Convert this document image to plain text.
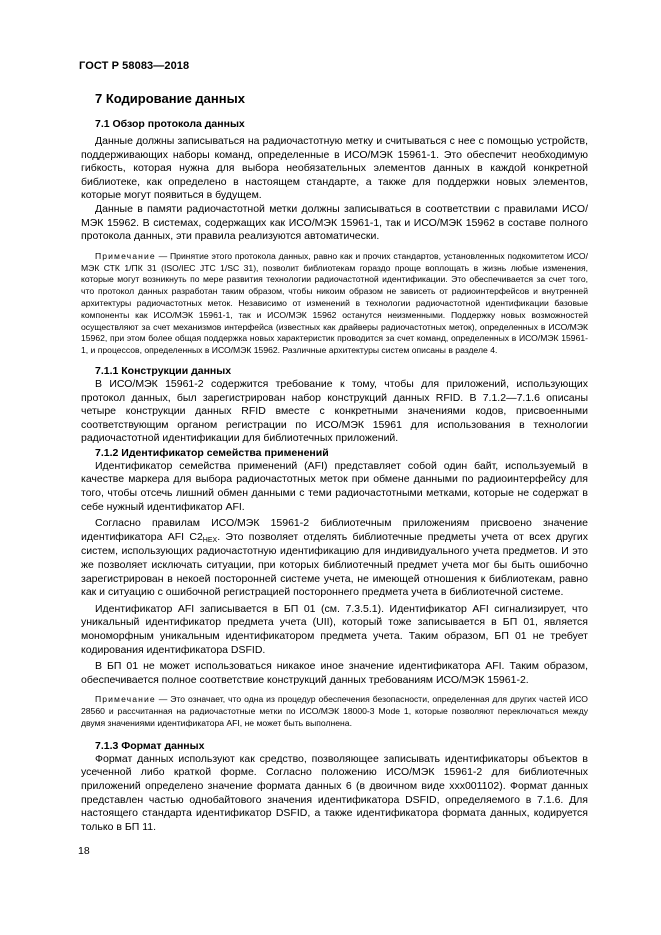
ГОСТ Р 58083—2018
7 Кодирование данных
7.1 Обзор протокола данных

Данные должны записываться на радиочастотную метку и считываться с нее с помощью устройств, поддерживающих наборы команд, определенные в ИСО/МЭК 15961-1. Это обеспечит необходимую гибкость, которая нужна для выбора необязательных элементов данных в каждой конкретной библиотеке, как определено в настоящем стандарте, а также для поддержки новых элементов, которые могут появиться в будущем.

Данные в памяти радиочастотной метки должны записываться в соответствии с правилами ИСО/МЭК 15962. В системах, содержащих как ИСО/МЭК 15961-1, так и ИСО/МЭК 15962 в составе полного протокола данных, эти правила реализуются автоматически.

Примечание — Принятие этого протокола данных, равно как и прочих стандартов, установленных подкомитетом ИСО/МЭК СТК 1/ПК 31 (ISO/IEC JTC 1/SC 31), позволит библиотекам гораздо проще воплощать в жизнь любые изменения, которые могут возникнуть по мере развития технологии радиочастотной идентификации. Это обеспечивается за счет того, что протокол данных разработан таким образом, чтобы никоим образом не зависеть от радиоинтерфейсов и внутренней архитектуры радиочастотных меток. Независимо от изменений в технологии радиочастотной идентификации базовые компоненты как ИСО/МЭК 15961-1, так и ИСО/МЭК 15962 останутся неизменными. Поддержку новых возможностей осуществляют за счет механизмов интерфейса (известных как драйверы радиочастотных меток), определенных в ИСО/МЭК 15962, при этом более общая поддержка новых характеристик проводится за счет команд, определенных в ИСО/МЭК 15961-1, и процессов, определенных в ИСО/МЭК 15962. Различные архитектуры систем описаны в разделе 4.

7.1.1 Конструкции данных

В ИСО/МЭК 15961-2 содержится требование к тому, чтобы для приложений, использующих протокол данных, был зарегистрирован набор конструкций данных RFID. В 7.1.2—7.1.6 описаны четыре конструкции данных RFID вместе с конкретными значениями кодов, присвоенными соответствующим органом регистрации по ИСО/МЭК 15961 для использования в технологии радиочастотной идентификации для библиотечных приложений.

7.1.2 Идентификатор семейства применений

Идентификатор семейства применений (AFI) представляет собой один байт, используемый в качестве маркера для выбора радиочастотных меток при обмене данными по радиоинтерфейсу для того, чтобы отсечь лишний обмен данными с теми радиочастотными метками, которые не содержат в себе нужный идентификатор AFI.

Согласно правилам ИСО/МЭК 15961-2 библиотечным приложениям присвоено значение идентификатора AFI C2HEX. Это позволяет отделять библиотечные предметы учета от всех других систем, использующих радиочастотную идентификацию для индивидуального учета предметов. И это же позволяет исключать ситуации, при которых библиотечный предмет учета мог бы быть ошибочно зарегистрирован в некоей посторонней системе учета, не имеющей отношения к библиотекам, равно как и ситуацию с ошибочной регистрацией постороннего предмета учета в библиотечной системе.

Идентификатор AFI записывается в БП 01 (см. 7.3.5.1). Идентификатор AFI сигнализирует, что уникальный идентификатор предмета учета (UII), который тоже записывается в БП 01, является мономорфным уникальным идентификатором предмета учета. Таким образом, БП 01 не требует кодирования идентификатора DSFID.

В БП 01 не может использоваться никакое иное значение идентификатора AFI. Таким образом, обеспечивается полное соответствие конструкций данных требованиям ИСО/МЭК 15961-2.

Примечание — Это означает, что одна из процедур обеспечения безопасности, определенная для других частей ИСО 28560 и рассчитанная на радиочастотные метки по ИСО/МЭК 18000-3 Mode 1, которые позволяют переключаться между двумя значениями идентификатора AFI, не может быть выполнена.

7.1.3 Формат данных

Формат данных используют как средство, позволяющее записывать идентификаторы объектов в усеченной либо краткой форме. Согласно положению ИСО/МЭК 15961-2 для библиотечных приложений определено значение формата данных 6 (в двоичном виде xxx001102). Формат данных представлен частью однобайтового значения идентификатора DSFID, определяемого в 7.1.6. Для настоящего стандарта идентификатор DSFID, а также идентификатора формата данных, кодируется только в БП 11.

18
